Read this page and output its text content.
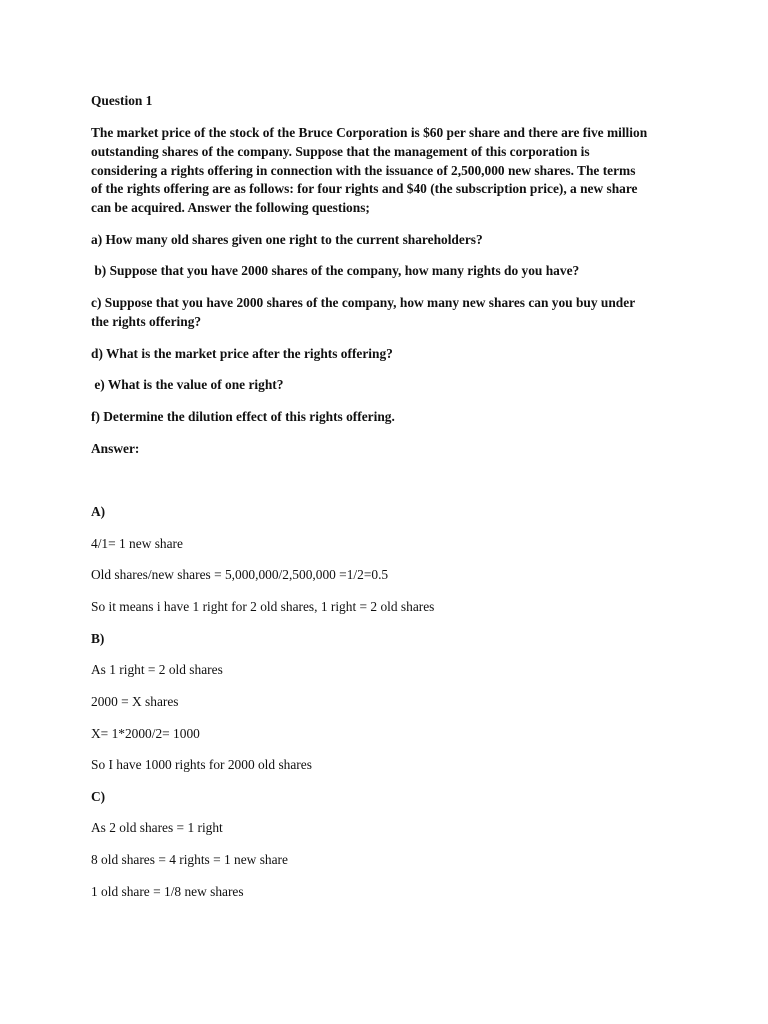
Question 1
The market price of the stock of the Bruce Corporation is $60 per share and there are five million
outstanding shares of the company. Suppose that the management of this corporation is
considering a rights offering in connection with the issuance of 2,500,000 new shares. The terms
of the rights offering are as follows: for four rights and $40 (the subscription price), a new share
can be acquired. Answer the following questions;
a) How many old shares given one right to the current shareholders?
b) Suppose that you have 2000 shares of the company, how many rights do you have?
c) Suppose that you have 2000 shares of the company, how many new shares can you buy under
the rights offering?
d) What is the market price after the rights offering?
e) What is the value of one right?
f) Determine the dilution effect of this rights offering.
Answer:
A)
4/1= 1 new share
Old shares/new shares = 5,000,000/2,500,000 =1/2=0.5
So it means i have 1 right for 2 old shares, 1 right = 2 old shares
B)
As 1 right = 2 old shares
2000 = X shares
X= 1*2000/2= 1000
So I have 1000 rights for 2000 old shares
C)
As 2 old shares = 1 right
8 old shares = 4 rights = 1 new share
1 old share = 1/8 new shares
